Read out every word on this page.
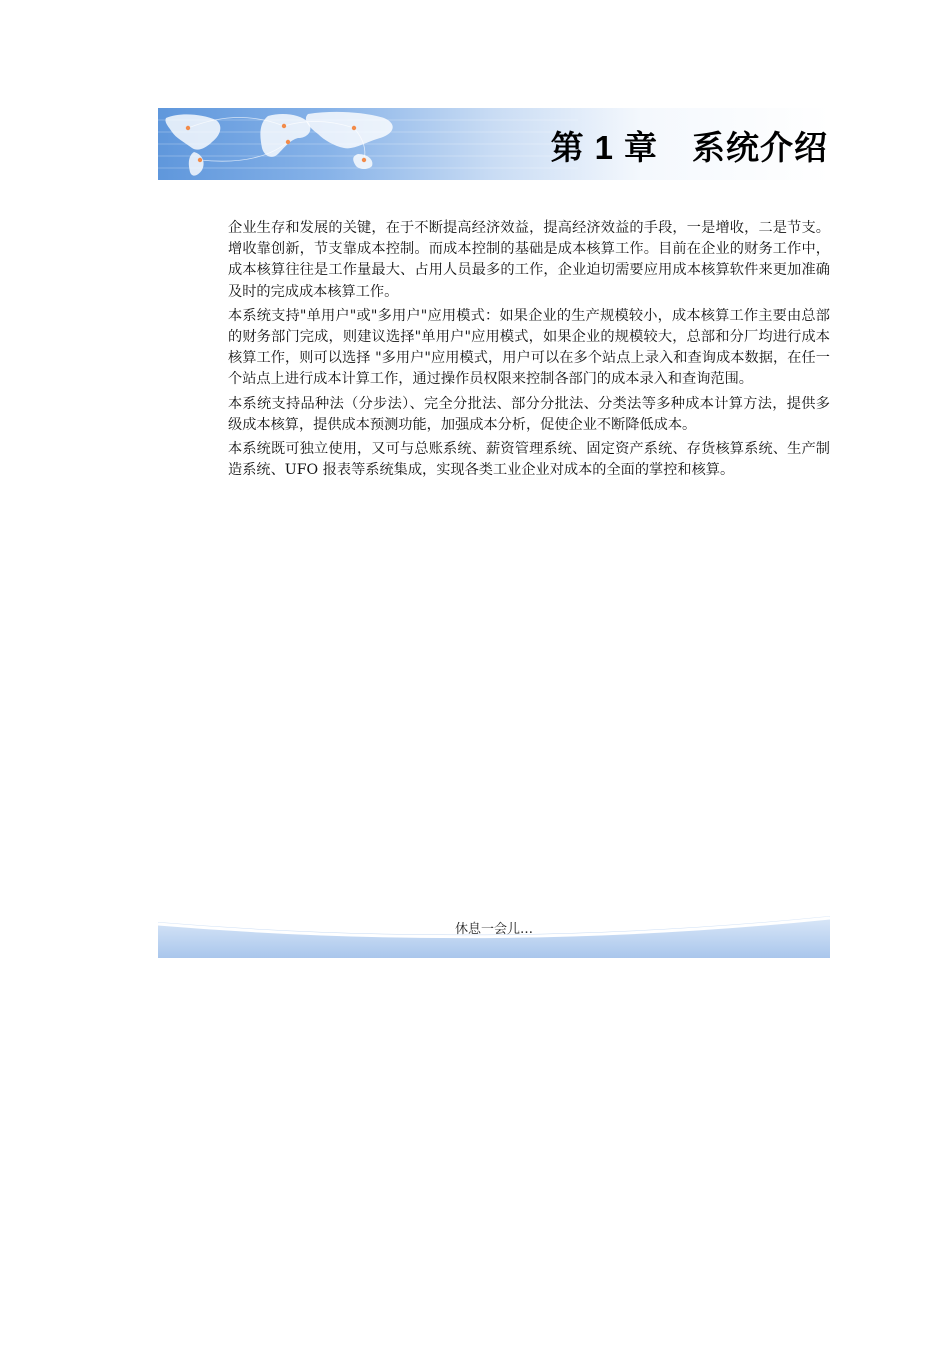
第 1 章 系统介绍

企业生存和发展的关键，在于不断提高经济效益，提高经济效益的手段，一是增收，二是节支。增收靠创新，节支靠成本控制。而成本控制的基础是成本核算工作。目前在企业的财务工作中，成本核算往往是工作量最大、占用人员最多的工作，企业迫切需要应用成本核算软件来更加准确及时的完成成本核算工作。

本系统支持"单用户"或"多用户"应用模式：如果企业的生产规模较小，成本核算工作主要由总部的财务部门完成，则建议选择"单用户"应用模式，如果企业的规模较大，总部和分厂均进行成本核算工作，则可以选择 "多用户"应用模式，用户可以在多个站点上录入和查询成本数据，在任一个站点上进行成本计算工作，通过操作员权限来控制各部门的成本录入和查询范围。

本系统支持品种法（分步法）、完全分批法、部分分批法、分类法等多种成本计算方法，提供多级成本核算，提供成本预测功能，加强成本分析，促使企业不断降低成本。

本系统既可独立使用，又可与总账系统、薪资管理系统、固定资产系统、存货核算系统、生产制造系统、UFO 报表等系统集成，实现各类工业企业对成本的全面的掌控和核算。

休息一会儿…
